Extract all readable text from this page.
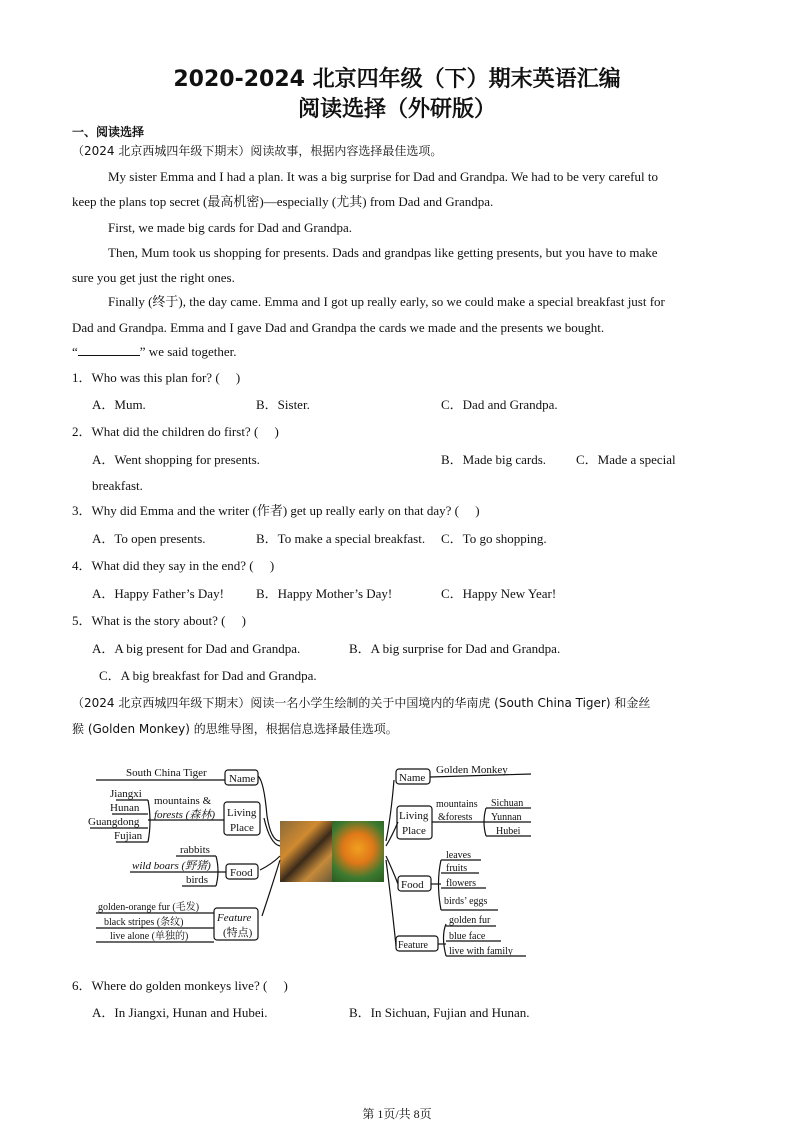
2020-2024 北京四年级（下）期末英语汇编
阅读选择（外研版）
一、阅读选择
（2024 北京西城四年级下期末）阅读故事，根据内容选择最佳选项。
My sister Emma and I had a plan. It was a big surprise for Dad and Grandpa. We had to be very careful to
keep the plans top secret (最高机密)—especially (尤其) from Dad and Grandpa.
First, we made big cards for Dad and Grandpa.
Then, Mum took us shopping for presents. Dads and grandpas like getting presents, but you have to make
sure you get just the right ones.
Finally (终于), the day came. Emma and I got up really early, so we could make a special breakfast just for
Dad and Grandpa. Emma and I gave Dad and Grandpa the cards we made and the presents we bought.
“	” we said together.
1．Who was this plan for? (　 )
A．Mum.	B．Sister.	C．Dad and Grandpa.
2．What did the children do first? (　 )
A．Went shopping for presents.	B．Made big cards. C．Made a special
breakfast.
3．Why did Emma and the writer (作者) get up really early on that day? (　 )
A．To open presents.	B．To make a special breakfast. C．To go shopping.
4．What did they say in the end? (　 )
A．Happy Father’s Day! B．Happy Mother’s Day!	C．Happy New Year!
5．What is the story about? (　 )
A．A big present for Dad and Grandpa.	B．A big surprise for Dad and Grandpa.
C．A big breakfast for Dad and Grandpa.
（2024 北京西城四年级下期末）阅读一名小学生绘制的关于中国境内的华南虎 (South China Tiger) 和金丝
猴 (Golden Monkey) 的思维导图，根据信息选择最佳选项。
South China Tiger Name
Living
Place
Jiangxi
Hunan
Guangdong
Fujian
mountains &
forests (森林)
rabbits
wild boars (野猪)
birds
Food
Feature
(特点)
golden-orange fur (毛发)
black stripes (条纹)
live alone (单独的)
Name
Golden Monkey
Living
Place
mountains
&forests
Sichuan
Yunnan
Hubei
Food
leaves
fruits
flowers
birds’ eggs
Feature
golden fur
blue face
live with family
6．Where do golden monkeys live? (　 )
A．In Jiangxi, Hunan and Hubei.	B．In Sichuan, Fujian and Hunan.
第 1页/共 8页
